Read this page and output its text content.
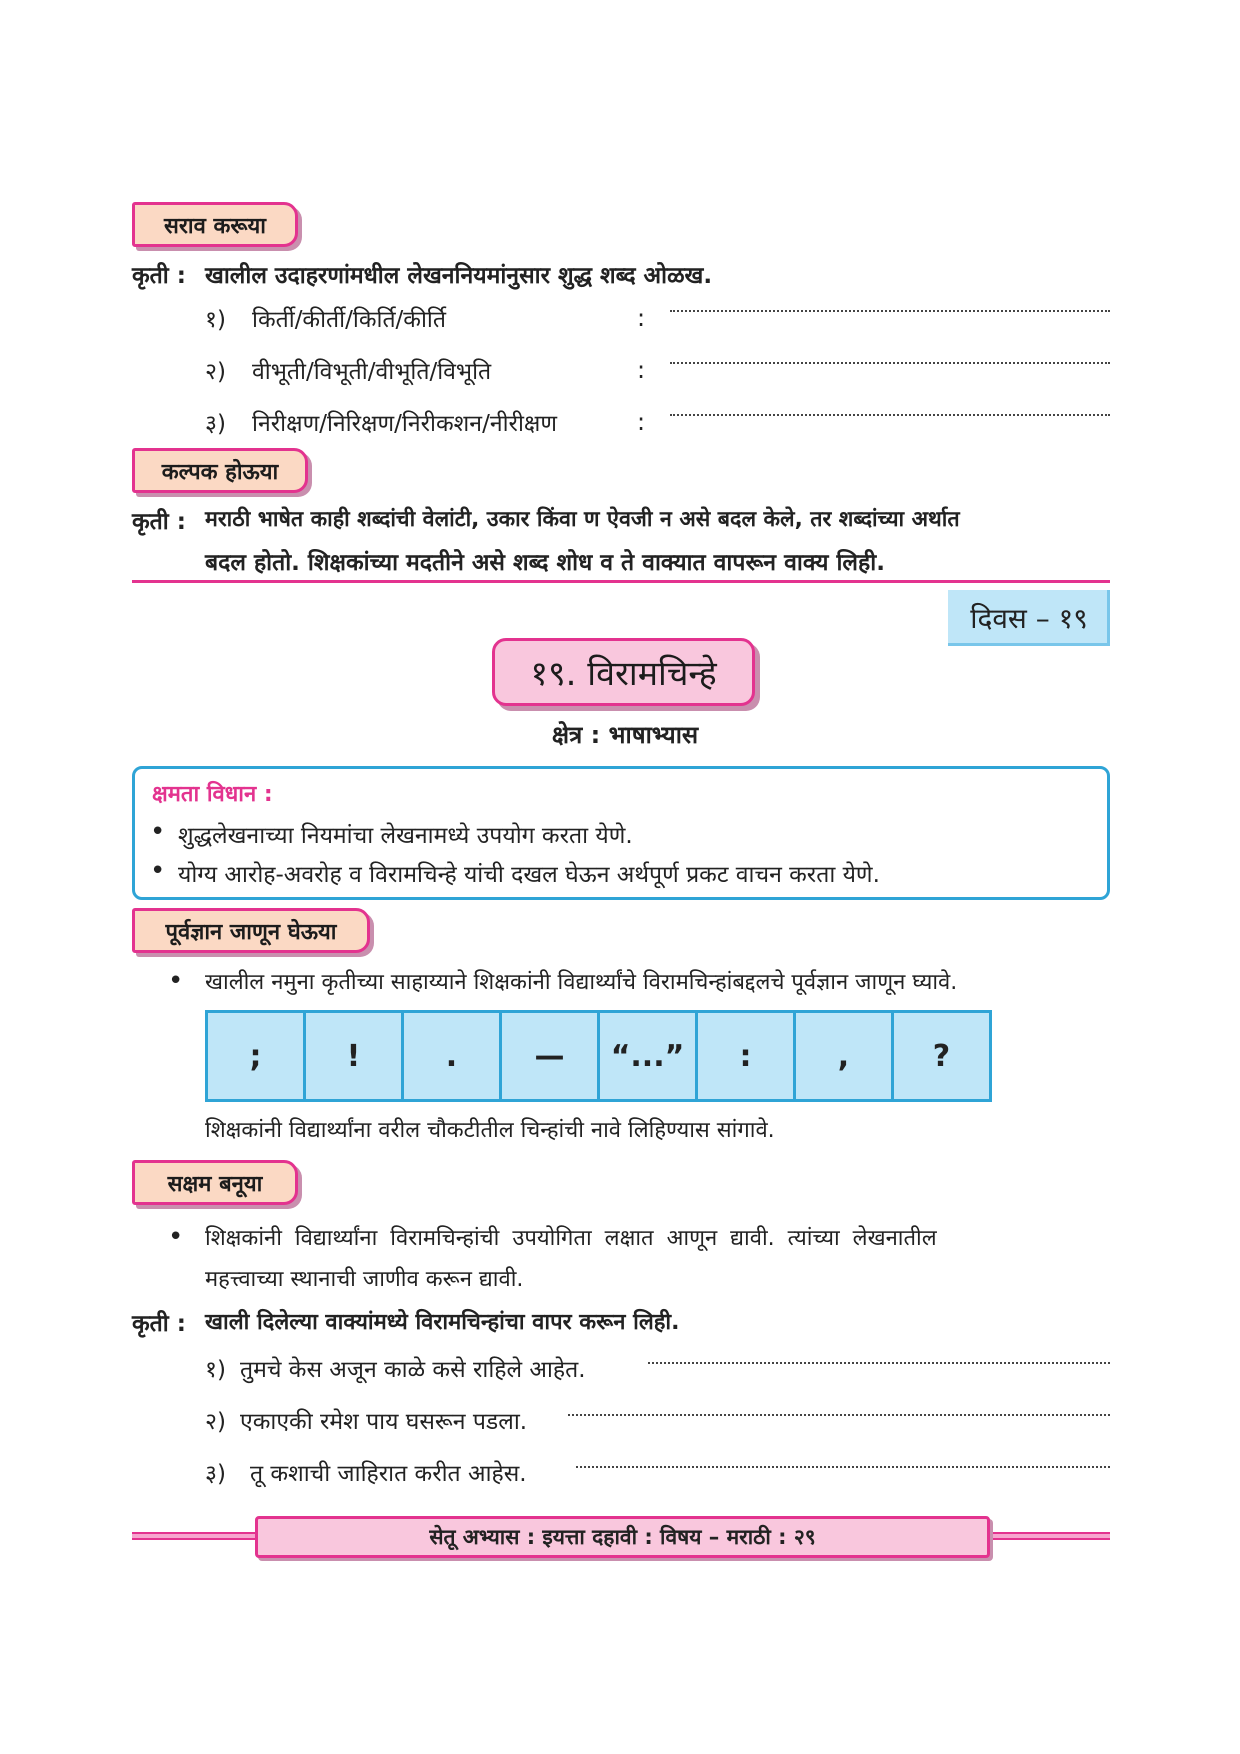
सराव करूया
कृती : खालील उदाहरणांमधील लेखननियमांनुसार शुद्ध शब्द ओळख.
१) किर्ती/कीर्ती/किर्ति/कीर्ति	:
२) वीभूती/विभूती/वीभूति/विभूति	:
३) निरीक्षण/निरिक्षण/निरीकशन/नीरीक्षण	:
कल्पक होऊया
कृती : मराठी भाषेत काही शब्दांची वेलांटी, उकार किंवा ण ऐवजी न असे बदल केले, तर शब्दांच्या अर्थात
बदल होतो. शिक्षकांच्या मदतीने असे शब्द शोध व ते वाक्यात वापरून वाक्य लिही.
दिवस – १९
१९. विरामचिन्हे
क्षेत्र : भाषाभ्यास
क्षमता विधान :
• शुद्धलेखनाच्या नियमांचा लेखनामध्ये उपयोग करता येणे.
• योग्य आरोह-अवरोह व विरामचिन्हे यांची दखल घेऊन अर्थपूर्ण प्रकट वाचन करता येणे.
पूर्वज्ञान जाणून घेऊया
• खालील नमुना कृतीच्या साहाय्याने शिक्षकांनी विद्यार्थ्यांचे विरामचिन्हांबद्दलचे पूर्वज्ञान जाणून घ्यावे.
;	!	.	—	“...”	:	,	?
शिक्षकांनी विद्यार्थ्यांना वरील चौकटीतील चिन्हांची नावे लिहिण्यास सांगावे.
सक्षम बनूया
• शिक्षकांनी विद्यार्थ्यांना विरामचिन्हांची उपयोगिता लक्षात आणून द्यावी. त्यांच्या लेखनातील
महत्त्वाच्या स्थानाची जाणीव करून द्यावी.
कृती : खाली दिलेल्या वाक्यांमध्ये विरामचिन्हांचा वापर करून लिही.
१) तुमचे केस अजून काळे कसे राहिले आहेत.
२) एकाएकी रमेश पाय घसरून पडला.
३) तू कशाची जाहिरात करीत आहेस.
सेतू अभ्यास : इयत्ता दहावी : विषय – मराठी : २९
